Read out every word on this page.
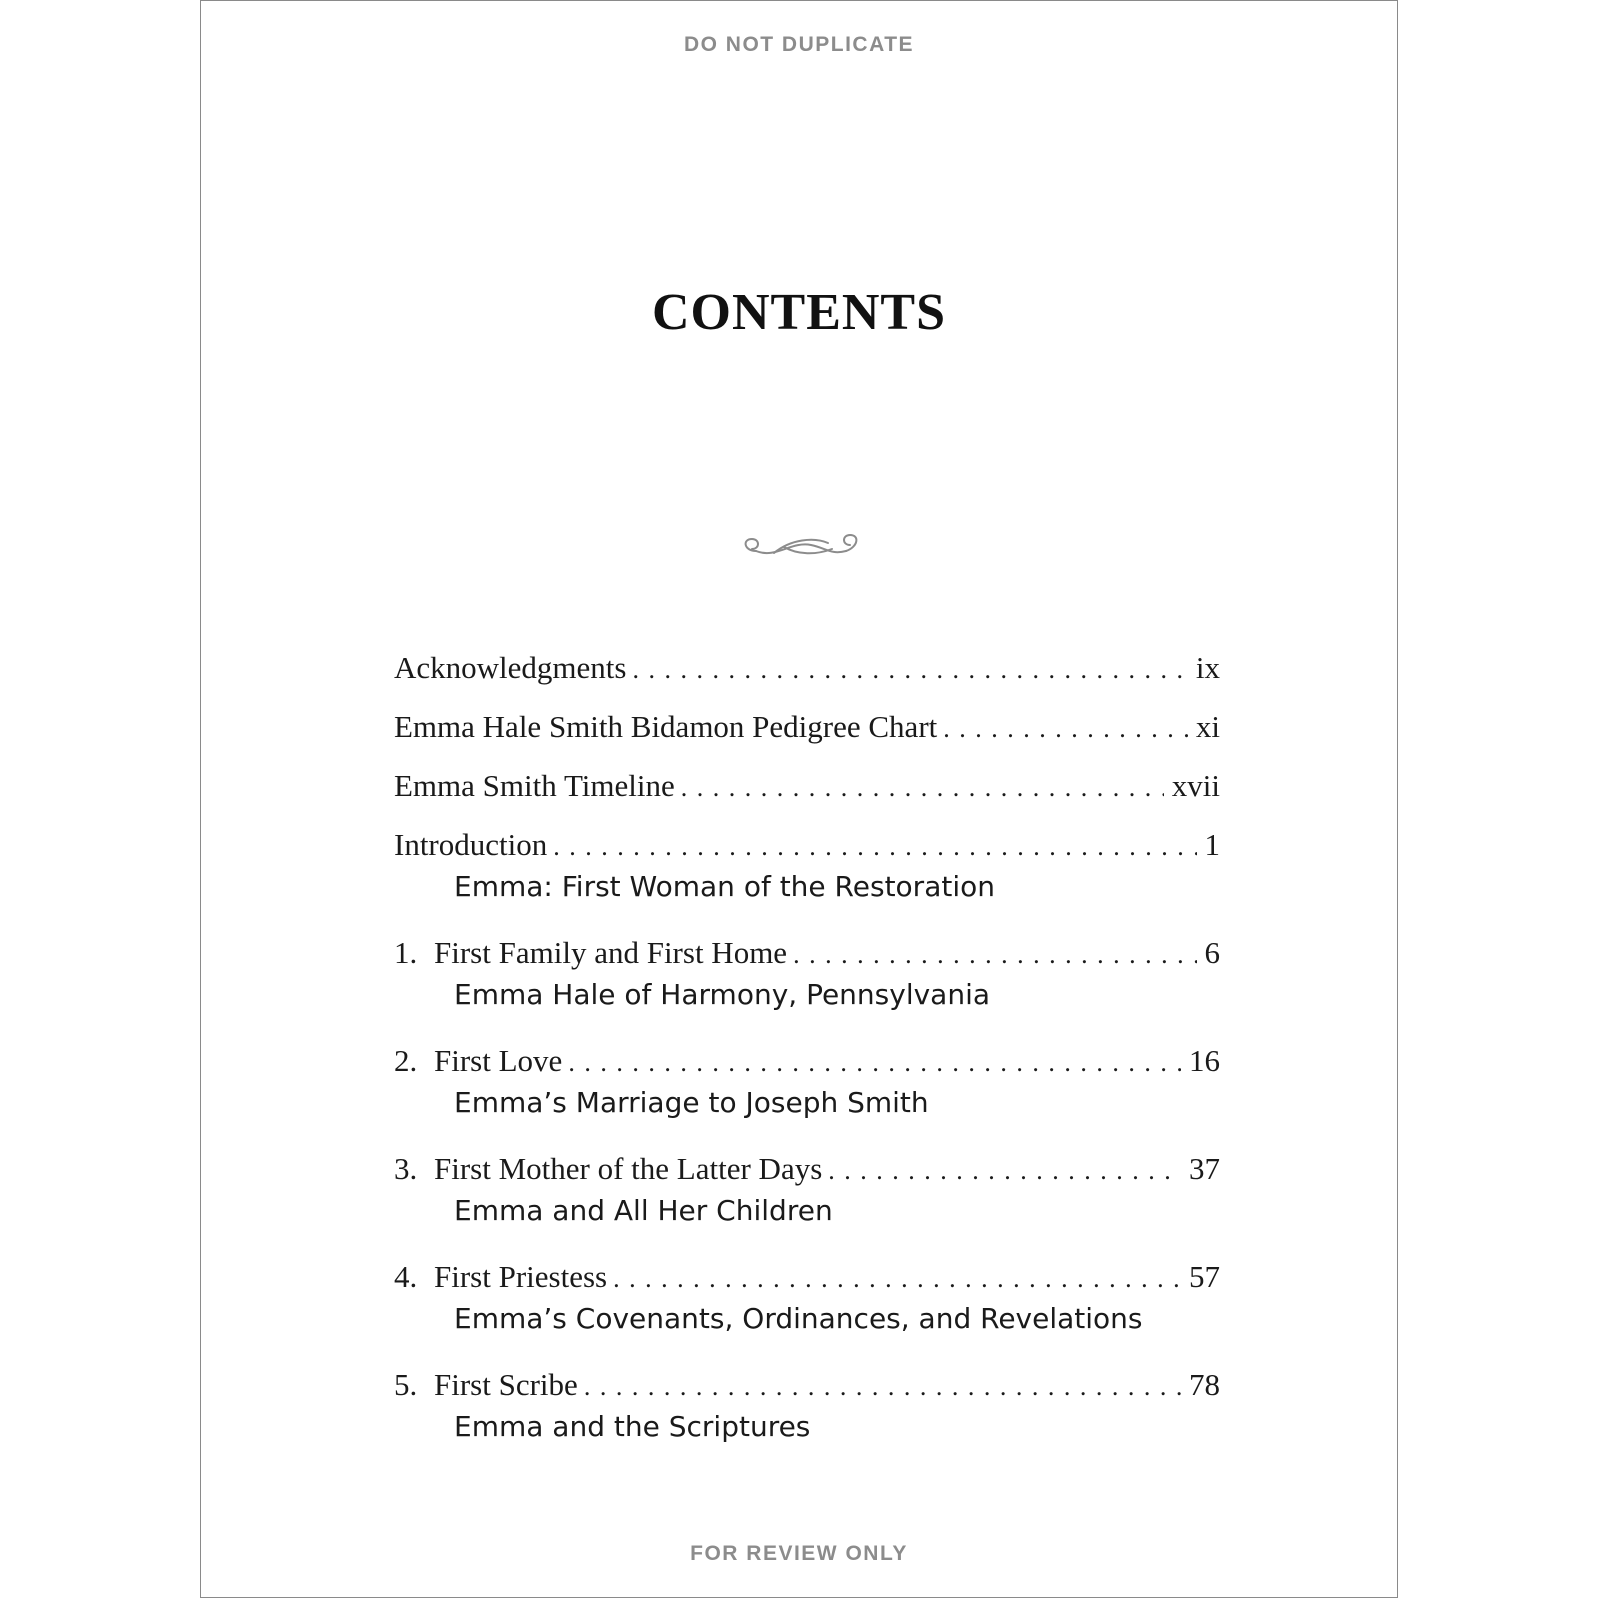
DO NOT DUPLICATE
CONTENTS
Acknowledgments . . .	ix
Emma Hale Smith Bidamon Pedigree Chart . . .	xi
Emma Smith Timeline . . .	xvii
Introduction . . .	1
Emma: First Woman of the Restoration
1. First Family and First Home . . .	6
Emma Hale of Harmony, Pennsylvania
2. First Love . . .	16
Emma’s Marriage to Joseph Smith
3. First Mother of the Latter Days . . .	37
Emma and All Her Children
4. First Priestess . . .	57
Emma’s Covenants, Ordinances, and Revelations
5. First Scribe . . .	78
Emma and the Scriptures
FOR REVIEW ONLY
